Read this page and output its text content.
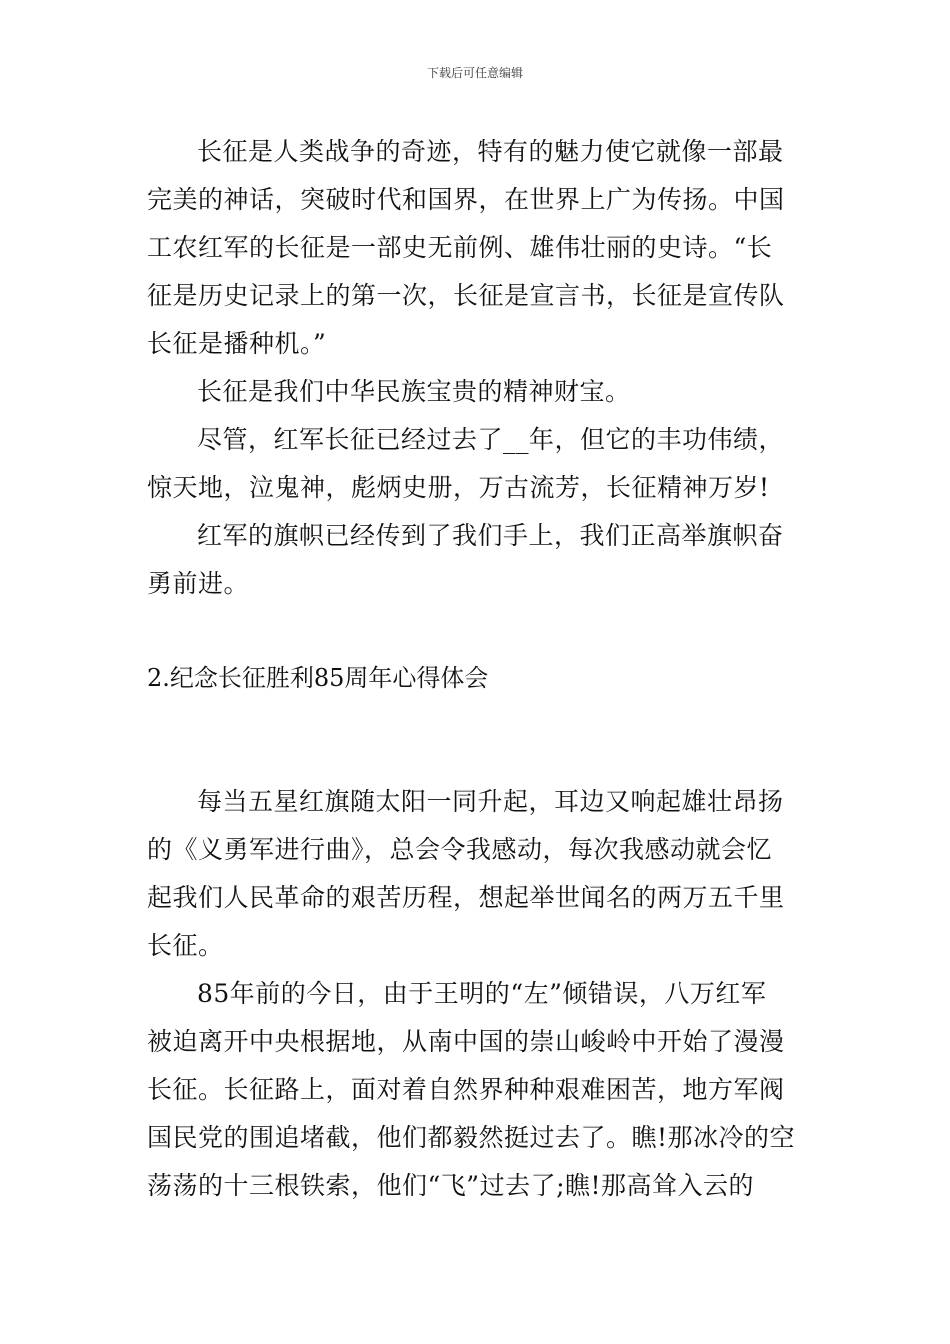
下载后可任意编辑
长征是人类战争的奇迹，特有的魅力使它就像一部最
完美的神话，突破时代和国界，在世界上广为传扬。中国
工农红军的长征是一部史无前例、雄伟壮丽的史诗。“长
征是历史记录上的第一次，长征是宣言书，长征是宣传队
长征是播种机。”
长征是我们中华民族宝贵的精神财宝。
尽管，红军长征已经过去了__年，但它的丰功伟绩，
惊天地，泣鬼神，彪炳史册，万古流芳，长征精神万岁!
红军的旗帜已经传到了我们手上，我们正高举旗帜奋
勇前进。
2.纪念长征胜利85周年心得体会
每当五星红旗随太阳一同升起，耳边又响起雄壮昂扬
的《义勇军进行曲》，总会令我感动，每次我感动就会忆
起我们人民革命的艰苦历程，想起举世闻名的两万五千里
长征。
85年前的今日，由于王明的“左”倾错误，八万红军
被迫离开中央根据地，从南中国的崇山峻岭中开始了漫漫
长征。长征路上，面对着自然界种种艰难困苦，地方军阀
国民党的围追堵截，他们都毅然挺过去了。瞧!那冰冷的空
荡荡的十三根铁索，他们“飞”过去了;瞧!那高耸入云的
